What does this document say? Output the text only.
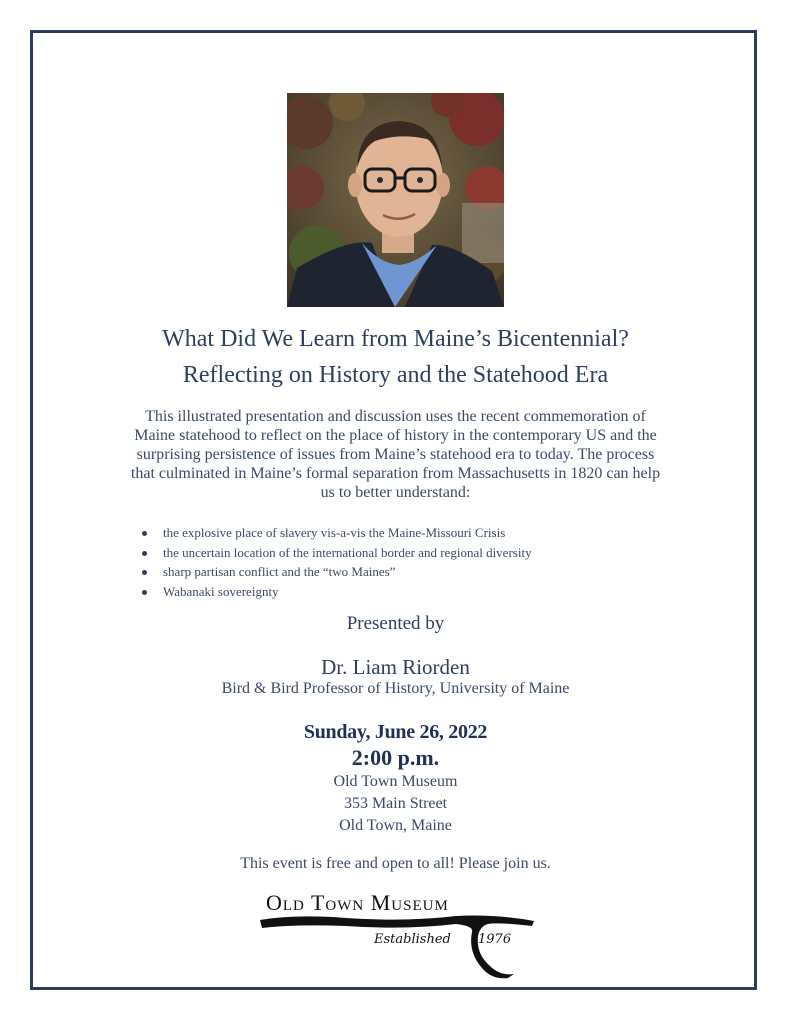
What Did We Learn from Maine’s Bicentennial?
Reflecting on History and the Statehood Era
This illustrated presentation and discussion uses the recent commemoration of
Maine statehood to reflect on the place of history in the contemporary US and the
surprising persistence of issues from Maine’s statehood era to today. The process
that culminated in Maine’s formal separation from Massachusetts in 1820 can help
us to better understand:
the explosive place of slavery vis-a-vis the Maine-Missouri Crisis
the uncertain location of the international border and regional diversity
sharp partisan conflict and the “two Maines”
Wabanaki sovereignty
Presented by
Dr. Liam Riorden
Bird & Bird Professor of History, University of Maine
Sunday, June 26, 2022
2:00 p.m.
Old Town Museum
353 Main Street
Old Town, Maine
This event is free and open to all! Please join us.
Old Town Museum
Established 1976
